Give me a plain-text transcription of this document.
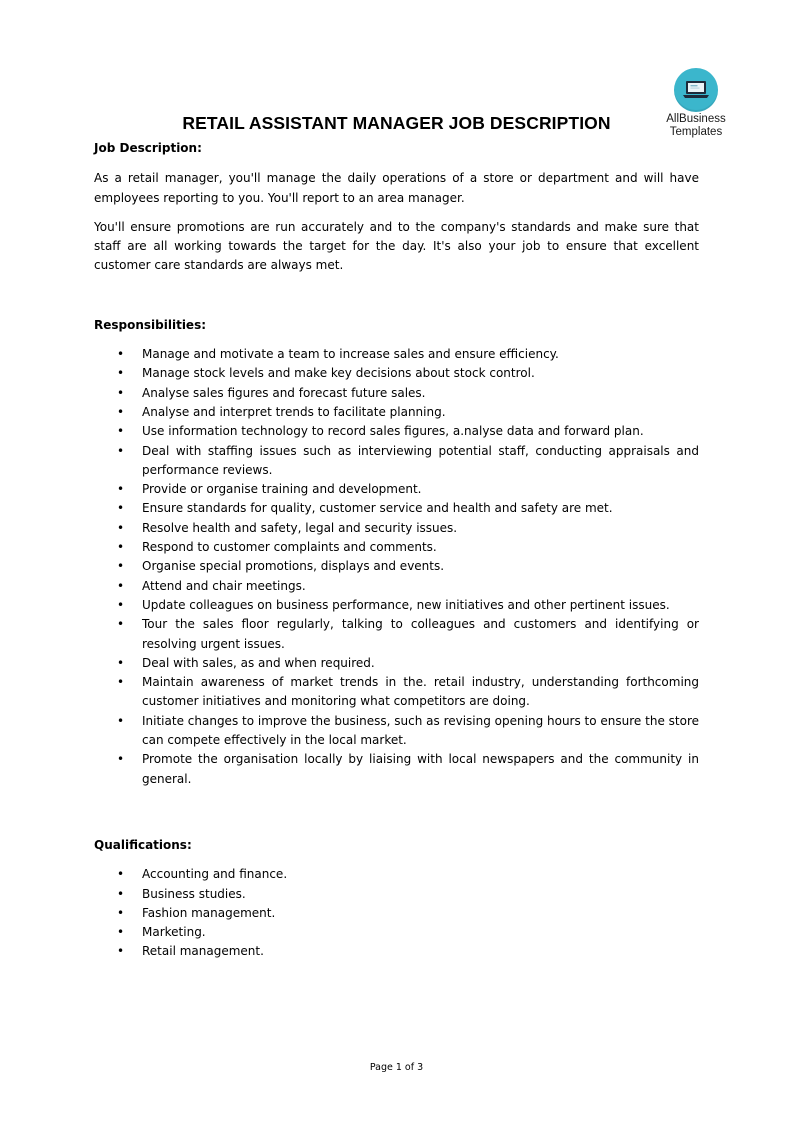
AllBusiness
Templates
RETAIL ASSISTANT MANAGER JOB DESCRIPTION

Job Description:

As a retail manager, you'll manage the daily operations of a store or department and will have employees reporting to you. You'll report to an area manager.

You'll ensure promotions are run accurately and to the company's standards and make sure that staff are all working towards the target for the day. It's also your job to ensure that excellent customer care standards are always met.

Responsibilities:

• Manage and motivate a team to increase sales and ensure efficiency.
• Manage stock levels and make key decisions about stock control.
• Analyse sales figures and forecast future sales.
• Analyse and interpret trends to facilitate planning.
• Use information technology to record sales figures, a.nalyse data and forward plan.
• Deal with staffing issues such as interviewing potential staff, conducting appraisals and performance reviews.
• Provide or organise training and development.
• Ensure standards for quality, customer service and health and safety are met.
• Resolve health and safety, legal and security issues.
• Respond to customer complaints and comments.
• Organise special promotions, displays and events.
• Attend and chair meetings.
• Update colleagues on business performance, new initiatives and other pertinent issues.
• Tour the sales floor regularly, talking to colleagues and customers and identifying or resolving urgent issues.
• Deal with sales, as and when required.
• Maintain awareness of market trends in the. retail industry, understanding forthcoming customer initiatives and monitoring what competitors are doing.
• Initiate changes to improve the business, such as revising opening hours to ensure the store can compete effectively in the local market.
• Promote the organisation locally by liaising with local newspapers and the community in general.

Qualifications:

• Accounting and finance.
• Business studies.
• Fashion management.
• Marketing.
• Retail management.
Page 1 of 3
